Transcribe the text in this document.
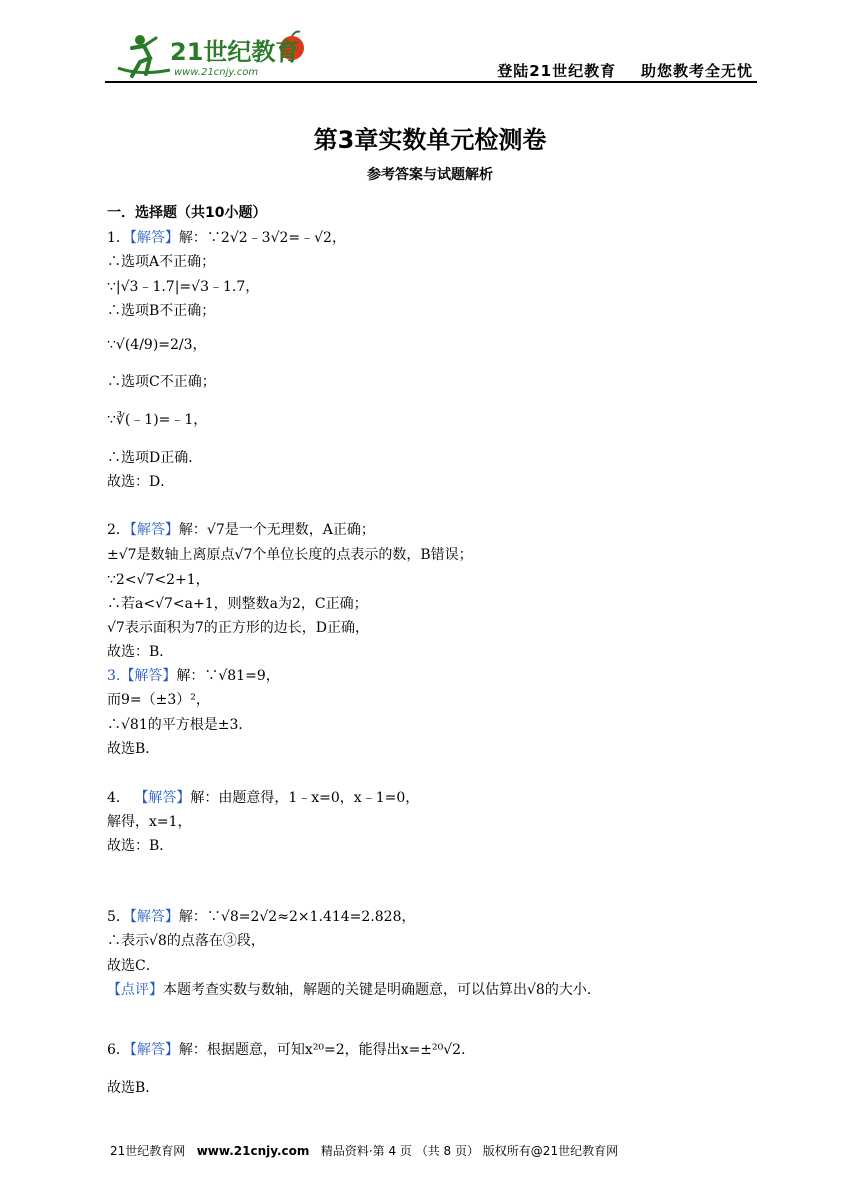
21世纪教育
www.21cnjy.com	登陆21世纪教育    助您教考全无忧
第3章实数单元检测卷
参考答案与试题解析
一．选择题（共10小题）
1．【解答】解：∵2√2﹣3√2=﹣√2，
∴选项A不正确；
∵|√3﹣1.7|=√3﹣1.7，
∴选项B不正确；
∵√(4/9)=2/3，
∴选项C不正确；
∵∛(﹣1)=﹣1，
∴选项D正确．
故选：D．
2．【解答】解：√7是一个无理数，A正确；
±√7是数轴上离原点√7个单位长度的点表示的数，B错误；
∵2<√7<2+1，
∴若a<√7<a+1，则整数a为2，C正确；
√7表示面积为7的正方形的边长，D正确，
故选：B．
3.【解答】解：∵√81=9，
而9=（±3）²，
∴√81的平方根是±3．
故选B．
4． 【解答】解：由题意得，1﹣x=0，x﹣1=0，
解得，x=1，
故选：B．
5．【解答】解：∵√8=2√2≈2×1.414=2.828，
∴表示√8的点落在③段，
故选C．
【点评】本题考查实数与数轴，解题的关键是明确题意，可以估算出√8的大小．
6．【解答】解：根据题意，可知x²⁰=2，能得出x=±²⁰√2．
故选B．
21世纪教育网   www.21cnjy.com   精品资料·第 4 页 （共 8 页） 版权所有@21世纪教育网
